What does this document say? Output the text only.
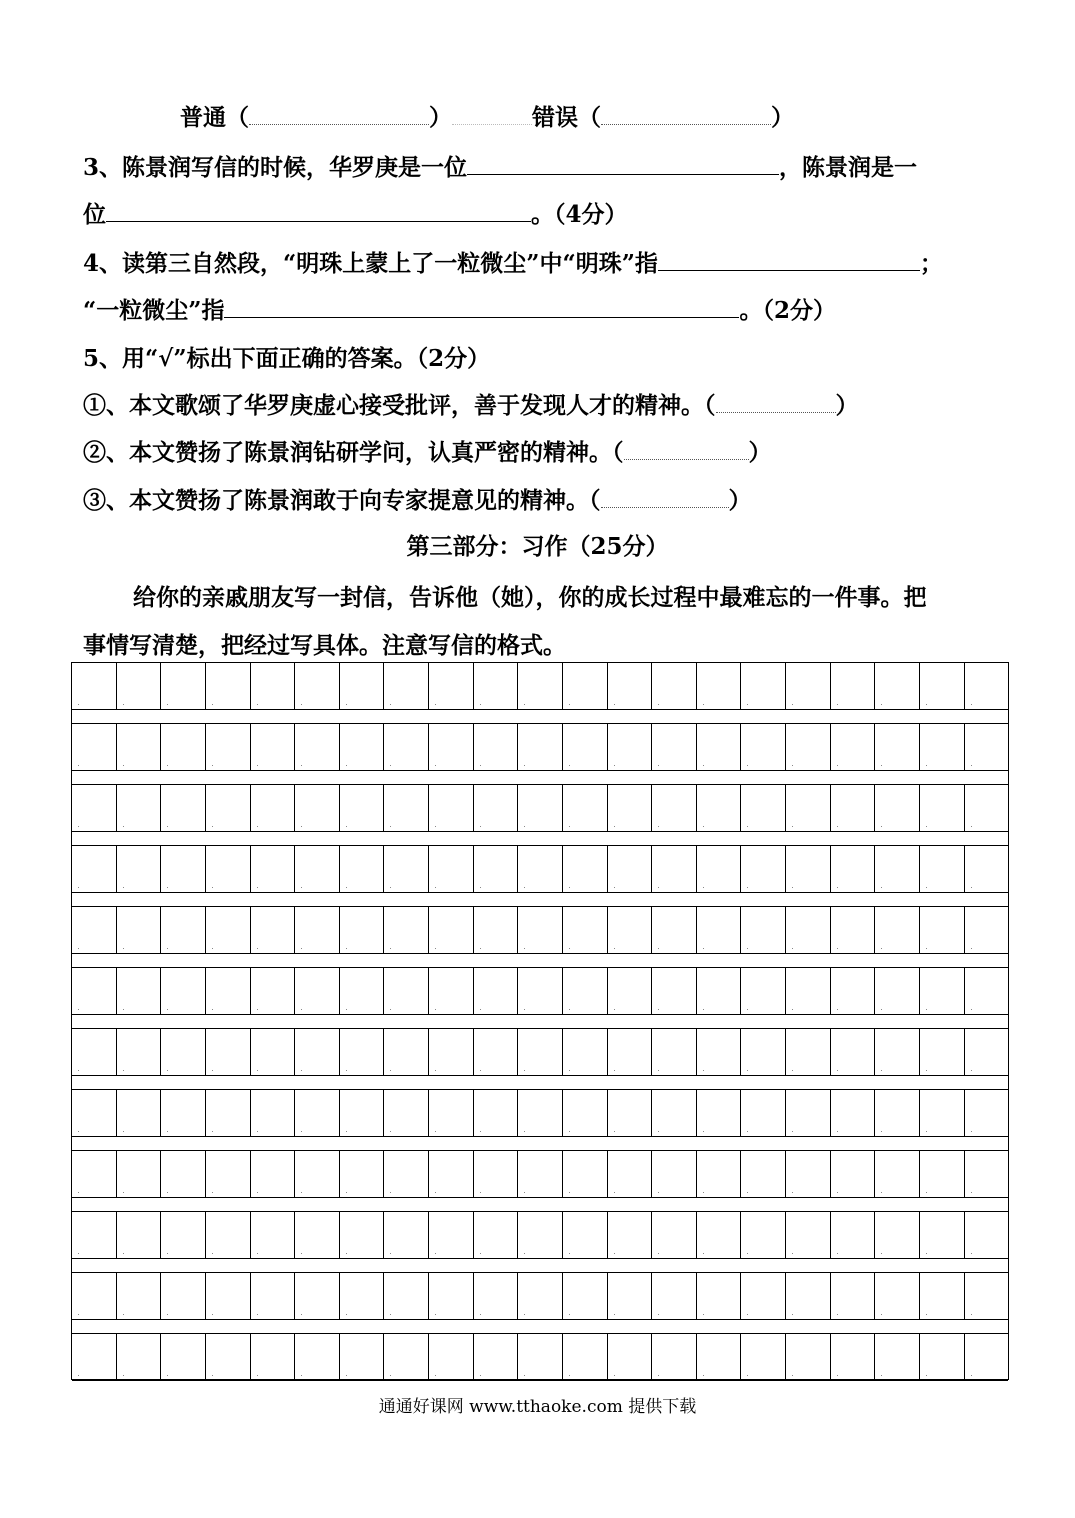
普通（	）	错误（	）
3、陈景润写信的时候，华罗庚是一位	，陈景润是一
位	。（4分）
4、读第三自然段，“明珠上蒙上了一粒微尘”中“明珠”指	；
“一粒微尘”指	。（2分）
5、用“√”标出下面正确的答案。（2分）
①、本文歌颂了华罗庚虚心接受批评，善于发现人才的精神。（	）
②、本文赞扬了陈景润钻研学问，认真严密的精神。（	）
③、本文赞扬了陈景润敢于向专家提意见的精神。（	）
第三部分：习作（25分）
给你的亲戚朋友写一封信，告诉他（她），你的成长过程中最难忘的一件事。把
事情写清楚，把经过写具体。注意写信的格式。
通通好课网 www.tthaoke.com 提供下载
